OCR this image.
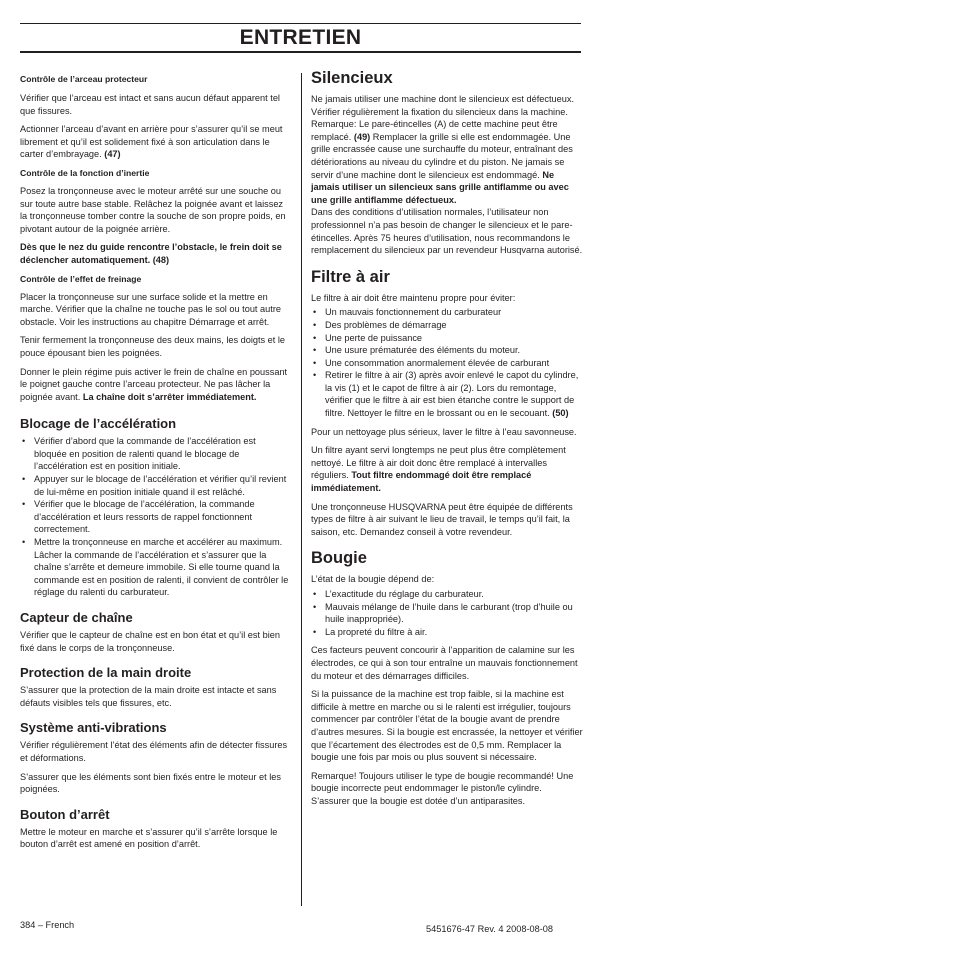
ENTRETIEN

Contrôle de l’arceau protecteur

Vérifier que l’arceau est intact et sans aucun défaut apparent tel que fissures.

Actionner l’arceau d’avant en arrière pour s’assurer qu’il se meut librement et qu’il est solidement fixé à son articulation dans le carter d’embrayage. (47)

Contrôle de la fonction d’inertie

Posez la tronçonneuse avec le moteur arrêté sur une souche ou sur toute autre base stable. Relâchez la poignée avant et laissez la tronçonneuse tomber contre la souche de son propre poids, en pivotant autour de la poignée arrière.

Dès que le nez du guide rencontre l’obstacle, le frein doit se déclencher automatiquement. (48)

Contrôle de l’effet de freinage

Placer la tronçonneuse sur une surface solide et la mettre en marche. Vérifier que la chaîne ne touche pas le sol ou tout autre obstacle. Voir les instructions au chapitre Démarrage et arrêt.

Tenir fermement la tronçonneuse des deux mains, les doigts et le pouce épousant bien les poignées.

Donner le plein régime puis activer le frein de chaîne en poussant le poignet gauche contre l’arceau protecteur. Ne pas lâcher la poignée avant. La chaîne doit s’arrêter immédiatement.

Blocage de l’accélération
• Vérifier d’abord que la commande de l’accélération est bloquée en position de ralenti quand le blocage de l’accélération est en position initiale.
• Appuyer sur le blocage de l’accélération et vérifier qu’il revient de lui-même en position initiale quand il est relâché.
• Vérifier que le blocage de l’accélération, la commande d’accélération et leurs ressorts de rappel fonctionnent correctement.
• Mettre la tronçonneuse en marche et accélérer au maximum. Lâcher la commande de l’accélération et s’assurer que la chaîne s’arrête et demeure immobile. Si elle tourne quand la commande est en position de ralenti, il convient de contrôler le réglage du ralenti du carburateur.
Capteur de chaîne

Vérifier que le capteur de chaîne est en bon état et qu’il est bien fixé dans le corps de la tronçonneuse.

Protection de la main droite

S’assurer que la protection de la main droite est intacte et sans défauts visibles tels que fissures, etc.

Système anti-vibrations

Vérifier régulièrement l’état des éléments afin de détecter fissures et déformations.

S’assurer que les éléments sont bien fixés entre le moteur et les poignées.

Bouton d’arrêt

Mettre le moteur en marche et s’assurer qu’il s’arrête lorsque le bouton d’arrêt est amené en position d’arrêt.

Silencieux

Ne jamais utiliser une machine dont le silencieux est défectueux. Vérifier régulièrement la fixation du silencieux dans la machine.

Remarque: Le pare-étincelles (A) de cette machine peut être remplacé. (49) Remplacer la grille si elle est endommagée. Une grille encrassée cause une surchauffe du moteur, entraînant des détériorations au niveau du cylindre et du piston. Ne jamais se servir d’une machine dont le silencieux est endommagé. Ne jamais utiliser un silencieux sans grille antiflamme ou avec une grille antiflamme défectueux.

Dans des conditions d’utilisation normales, l’utilisateur non professionnel n’a pas besoin de changer le silencieux et le pare-étincelles. Après 75 heures d’utilisation, nous recommandons le remplacement du silencieux par un revendeur Husqvarna autorisé.

Filtre à air

Le filtre à air doit être maintenu propre pour éviter:

• Un mauvais fonctionnement du carburateur
• Des problèmes de démarrage
• Une perte de puissance
• Une usure prématurée des éléments du moteur.
• Une consommation anormalement élevée de carburant
• Retirer le filtre à air (3) après avoir enlevé le capot du cylindre, la vis (1) et le capot de filtre à air (2). Lors du remontage, vérifier que le filtre à air est bien étanche contre le support de filtre. Nettoyer le filtre en le brossant ou en le secouant. (50)

Pour un nettoyage plus sérieux, laver le filtre à l’eau savonneuse.

Un filtre ayant servi longtemps ne peut plus être complètement nettoyé. Le filtre à air doit donc être remplacé à intervalles réguliers. Tout filtre endommagé doit être remplacé immédiatement.

Une tronçonneuse HUSQVARNA peut être équipée de différents types de filtre à air suivant le lieu de travail, le temps qu’il fait, la saison, etc. Demandez conseil à votre revendeur.

Bougie

L’état de la bougie dépend de:

• L’exactitude du réglage du carburateur.
• Mauvais mélange de l’huile dans le carburant (trop d’huile ou huile inappropriée).
• La propreté du filtre à air.

Ces facteurs peuvent concourir à l’apparition de calamine sur les électrodes, ce qui à son tour entraîne un mauvais fonctionnement du moteur et des démarrages difficiles.

Si la puissance de la machine est trop faible, si la machine est difficile à mettre en marche ou si le ralenti est irrégulier, toujours commencer par contrôler l’état de la bougie avant de prendre d’autres mesures. Si la bougie est encrassée, la nettoyer et vérifier que l’écartement des électrodes est de 0,5 mm. Remplacer la bougie une fois par mois ou plus souvent si nécessaire.

Remarque! Toujours utiliser le type de bougie recommandé! Une bougie incorrecte peut endommager le piston/le cylindre. S’assurer que la bougie est dotée d’un antiparasites.

384 – French	5451676-47 Rev. 4 2008-08-08
